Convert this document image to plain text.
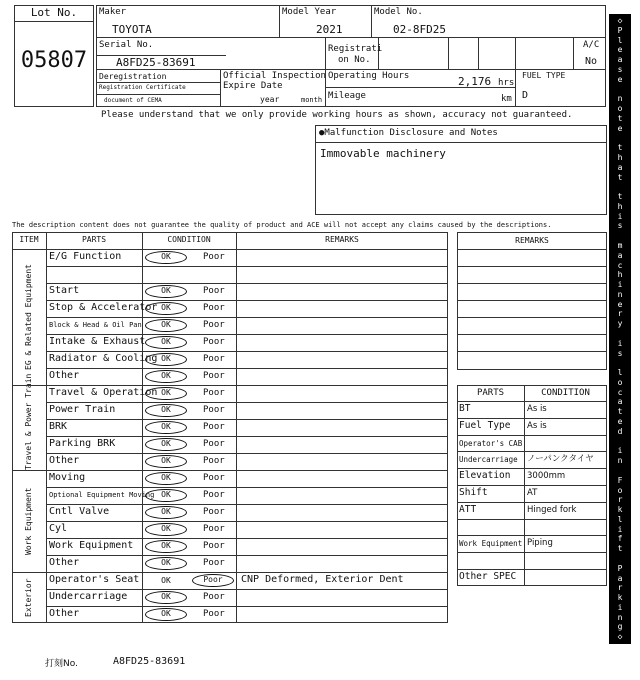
Lot No.
05807
Maker
TOYOTA
Model Year
2021
Model No.
02-8FD25
Serial No.
A8FD25-83691
Registrati
on No.
A/C
No
Deregistration
Registration Certificate
document of CEMA
Official Inspection
Expire Date
year	month
Operating Hours	2,176 hrs
Mileage	km
FUEL TYPE
D
Please understand that we only provide working hours as shown, accuracy not guaranteed.
●Malfunction Disclosure and Notes
Immovable machinery
The description content does not guarantee the quality of product and ACE will not accept any claims caused by the descriptions.
REMARKS
◇
P
l
e
a
s
e

n
o
t
e

t
h
a
t

t
h
i
s

m
a
c
h
i
n
e
r
y

i
s

l
o
c
a
t
e
d

i
n

F
o
r
k
l
i
f
t

P
a
r
k
i
n
g
◇
打刻No.	A8FD25-83691
ITEM	PARTS	CONDITION	REMARKS
EG & Related Equipment
E/G Function	OK	Poor
Start	OK	Poor
Stop & Accelerator OK	Poor
Block & Head & Oil Pan	OK	Poor
Intake & Exhaust	OK	Poor
Radiator & Cooling OK	Poor
Other	OK	Poor
Travel & Power Train	Travel & Operation OK	Poor
Power Train	OK	Poor
BRK	OK	Poor
Parking BRK	OK	Poor
Other	OK	Poor
Work Equipment
Moving	OK	Poor
Optional Equipment Moving OK	Poor
Cntl Valve	OK	Poor
Cyl	OK	Poor
Work Equipment	OK	Poor
Other	OK	Poor
Exterior	Operator's Seat	OK	Poor	CNP Deformed, Exterior Dent
Undercarriage	OK	Poor
Other	OK	Poor
PARTS	CONDITION
BT	As is
Fuel Type As is
Operator's CAB
Undercarriage ノーパンクタイヤ
Elevation 3000mm
Shift	AT
ATT	Hinged fork
Work Equipment Piping
Other SPEC
